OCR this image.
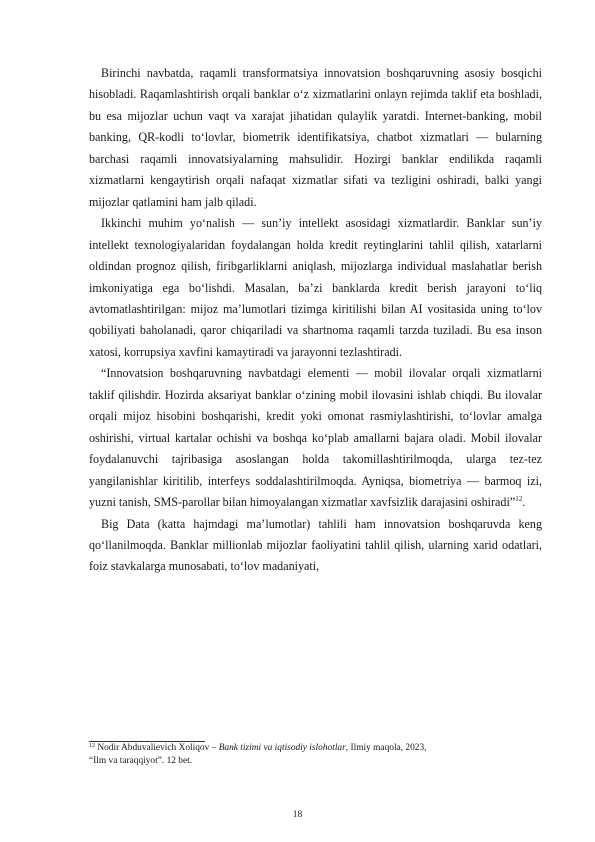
Birinchi navbatda, raqamli transformatsiya innovatsion boshqaruvning asosiy bosqichi hisobladi. Raqamlashtirish orqali banklar o‘z xizmatlarini onlayn rejimda taklif eta boshladi, bu esa mijozlar uchun vaqt va xarajat jihatidan qulaylik yaratdi. Internet-banking, mobil banking, QR-kodli to‘lovlar, biometrik identifikatsiya, chatbot xizmatlari — bularning barchasi raqamli innovatsiyalarning mahsulidir. Hozirgi banklar endilikda raqamli xizmatlarni kengaytirish orqali nafaqat xizmatlar sifati va tezligini oshiradi, balki yangi mijozlar qatlamini ham jalb qiladi.

Ikkinchi muhim yo‘nalish — sun’iy intellekt asosidagi xizmatlardir. Banklar sun’iy intellekt texnologiyalaridan foydalangan holda kredit reytinglarini tahlil qilish, xatarlarni oldindan prognoz qilish, firibgarliklarni aniqlash, mijozlarga individual maslahatlar berish imkoniyatiga ega bo‘lishdi. Masalan, ba’zi banklarda kredit berish jarayoni to‘liq avtomatlashtirilgan: mijoz ma’lumotlari tizimga kiritilishi bilan AI vositasida uning to‘lov qobiliyati baholanadi, qaror chiqariladi va shartnoma raqamli tarzda tuziladi. Bu esa inson xatosi, korrupsiya xavfini kamaytiradi va jarayonni tezlashtiradi.

“Innovatsion boshqaruvning navbatdagi elementi — mobil ilovalar orqali xizmatlarni taklif qilishdir. Hozirda aksariyat banklar o‘zining mobil ilovasini ishlab chiqdi. Bu ilovalar orqali mijoz hisobini boshqarishi, kredit yoki omonat rasmiylashtirishi, to‘lovlar amalga oshirishi, virtual kartalar ochishi va boshqa ko‘plab amallarni bajara oladi. Mobil ilovalar foydalanuvchi tajribasiga asoslangan holda takomillashtirilmoqda, ularga tez-tez yangilanishlar kiritilib, interfeys soddalashtirilmoqda. Ayniqsa, biometriya — barmoq izi, yuzni tanish, SMS-parollar bilan himoyalangan xizmatlar xavfsizlik darajasini oshiradi”$^{12}$.

Big Data (katta hajmdagi ma’lumotlar) tahlili ham innovatsion boshqaruvda keng qo‘llanilmoqda. Banklar millionlab mijozlar faoliyatini tahlil qilish, ularning xarid odatlari, foiz stavkalarga munosabati, to‘lov madaniyati,

$^{12}$ Nodir Abduvalievich Xoliqov – Bank tizimi va iqtisodiy islohotlar, Ilmiy maqola, 2023,
“Ilm va taraqqiyot”. 12 bet.
18
